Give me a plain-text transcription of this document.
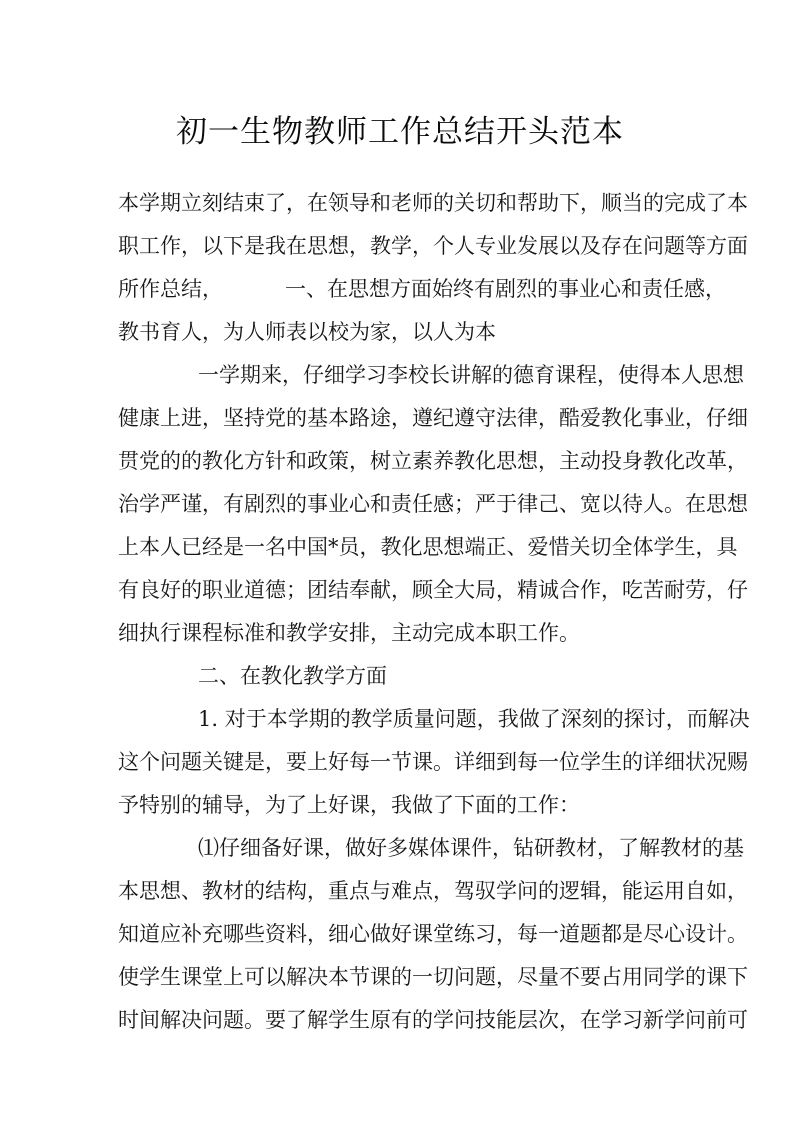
初一生物教师工作总结开头范本
本学期立刻结束了，在领导和老师的关切和帮助下，顺当的完成了本
职工作，以下是我在思想，教学，个人专业发展以及存在问题等方面
所作总结，	一、在思想方面始终有剧烈的事业心和责任感，
教书育人，为人师表以校为家，以人为本
一学期来，仔细学习李校长讲解的德育课程，使得本人思想
健康上进，坚持党的基本路途，遵纪遵守法律，酷爱教化事业，仔细
贯党的的教化方针和政策，树立素养教化思想，主动投身教化改革，
治学严谨，有剧烈的事业心和责任感；严于律己、宽以待人。在思想
上本人已经是一名中国*员，教化思想端正、爱惜关切全体学生，具
有良好的职业道德；团结奉献，顾全大局，精诚合作，吃苦耐劳，仔
细执行课程标准和教学安排，主动完成本职工作。
二、在教化教学方面
1. 对于本学期的教学质量问题，我做了深刻的探讨，而解决
这个问题关键是，要上好每一节课。详细到每一位学生的详细状况赐
予特别的辅导，为了上好课，我做了下面的工作：
⑴仔细备好课，做好多媒体课件，钻研教材，了解教材的基
本思想、教材的结构，重点与难点，驾驭学问的逻辑，能运用自如，
知道应补充哪些资料，细心做好课堂练习，每一道题都是尽心设计。
使学生课堂上可以解决本节课的一切问题，尽量不要占用同学的课下
时间解决问题。要了解学生原有的学问技能层次，在学习新学问前可
